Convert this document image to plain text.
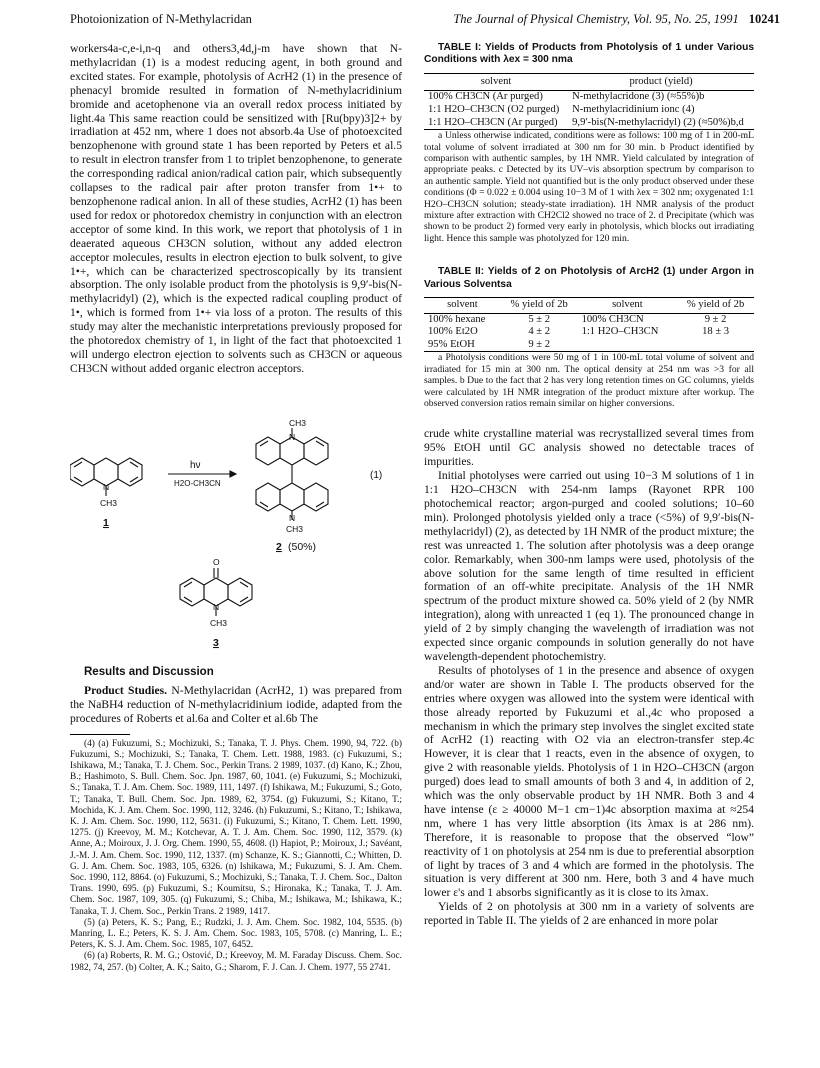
Photoionization of N-Methylacridan	The Journal of Physical Chemistry, Vol. 95, No. 25, 1991 10241

workers4a-c,e-i,n-q and others3,4d,j-m have shown that N-methylacridan (1) is a modest reducing agent, in both ground and excited states. For example, photolysis of AcrH2 (1) in the presence of phenacyl bromide resulted in formation of N-methylacridinium bromide and acetophenone via an overall redox process initiated by light.4a This same reaction could be sensitized with [Ru(bpy)3]2+ by irradiation at 452 nm, where 1 does not absorb.4a Use of photoexcited benzophenone with ground state 1 has been reported by Peters et al.5 to result in electron transfer from 1 to triplet benzophenone, to generate the corresponding radical anion/radical cation pair, which subsequently collapses to the radical pair after proton transfer from 1•+ to benzophenone radical anion. In all of these studies, AcrH2 (1) has been used for redox or photoredox chemistry in conjunction with an electron acceptor of some kind. In this work, we report that photolysis of 1 in deaerated aqueous CH3CN solution, without any added electron acceptor molecules, results in electron ejection to bulk solvent, to give 1•+, which can be characterized spectroscopically by its transient absorption. The only isolable product from the photolysis is 9,9′-bis(N-methylacridyl) (2), which is the expected radical coupling product of 1•, which is formed from 1•+ via loss of a proton. The results of this study may alter the mechanistic interpretations previously proposed for the photoredox chemistry of 1, in light of the fact that photoexcited 1 will undergo electron ejection to solvents such as CH3CN or aqueous CH3CN without added organic electron acceptors.

N
CH3
hν
H2O-CH3CN
CH3
N
N
CH3
(1)
O
N
CH3
1
2
3
(50%)

Results and Discussion

Product Studies. N-Methylacridan (AcrH2, 1) was prepared from the NaBH4 reduction of N-methylacridinium iodide, adapted from the procedures of Roberts et al.6a and Colter et al.6b The

(4) (a) Fukuzumi, S.; Mochizuki, S.; Tanaka, T. J. Phys. Chem. 1990, 94, 722. (b) Fukuzumi, S.; Mochizuki, S.; Tanaka, T. Chem. Lett. 1988, 1983. (c) Fukuzumi, S.; Ishikawa, M.; Tanaka, T. J. Chem. Soc., Perkin Trans. 2 1989, 1037. (d) Kano, K.; Zhou, B.; Hashimoto, S. Bull. Chem. Soc. Jpn. 1987, 60, 1041. (e) Fukuzumi, S.; Mochizuki, S.; Tanaka, T. J. Am. Chem. Soc. 1989, 111, 1497. (f) Ishikawa, M.; Fukuzumi, S.; Goto, T.; Tanaka, T. Bull. Chem. Soc. Jpn. 1989, 62, 3754. (g) Fukuzumi, S.; Kitano, T.; Mochida, K. J. Am. Chem. Soc. 1990, 112, 3246. (h) Fukuzumi, S.; Kitano, T.; Ishikawa, K. J. Am. Chem. Soc. 1990, 112, 5631. (i) Fukuzumi, S.; Kitano, T. Chem. Lett. 1990, 1275. (j) Kreevoy, M. M.; Kotchevar, A. T. J. Am. Chem. Soc. 1990, 112, 3579. (k) Anne, A.; Moiroux, J. J. Org. Chem. 1990, 55, 4608. (l) Hapiot, P.; Moiroux, J.; Savéant, J.-M. J. Am. Chem. Soc. 1990, 112, 1337. (m) Schanze, K. S.; Giannotti, C.; Whitten, D. G. J. Am. Chem. Soc. 1983, 105, 6326. (n) Ishikawa, M.; Fukuzumi, S. J. Am. Chem. Soc. 1990, 112, 8864. (o) Fukuzumi, S.; Mochizuki, S.; Tanaka, T. J. Chem. Soc., Dalton Trans. 1990, 695. (p) Fukuzumi, S.; Koumitsu, S.; Hironaka, K.; Tanaka, T. J. Am. Chem. Soc. 1987, 109, 305. (q) Fukuzumi, S.; Chiba, M.; Ishikawa, M.; Ishikawa, K.; Tanaka, T. J. Chem. Soc., Perkin Trans. 2 1989, 1417.

(5) (a) Peters, K. S.; Pang, E.; Rudzki, J. J. Am. Chem. Soc. 1982, 104, 5535. (b) Manring, L. E.; Peters, K. S. J. Am. Chem. Soc. 1983, 105, 5708. (c) Manring, L. E.; Peters, K. S. J. Am. Chem. Soc. 1985, 107, 6452.

(6) (a) Roberts, R. M. G.; Ostović, D.; Kreevoy, M. M. Faraday Discuss. Chem. Soc. 1982, 74, 257. (b) Colter, A. K.; Saito, G.; Sharom, F. J. Can. J. Chem. 1977, 55 2741.

TABLE I: Yields of Products from Photolysis of 1 under Various Conditions with λex = 300 nma

solvent	product (yield)
100% CH3CN (Ar purged)	N-methylacridone (3) (≈55%)b
1:1 H2O–CH3CN (O2 purged)	N-methylacridinium ionc (4)
1:1 H2O–CH3CN (Ar purged)	9,9′-bis(N-methylacridyl) (2) (≈50%)b,d

a Unless otherwise indicated, conditions were as follows: 100 mg of 1 in 200-mL total volume of solvent irradiated at 300 nm for 30 min. b Product identified by comparison with authentic samples, by 1H NMR. Yield calculated by integration of appropriate peaks. c Detected by its UV–vis absorption spectrum by comparison to an authentic sample. Yield not quantified but is the only product observed under these conditions (Φ = 0.022 ± 0.004 using 10−3 M of 1 with λex = 302 nm; oxygenated 1:1 H2O–CH3CN solution; steady-state irradiation). 1H NMR analysis of the product mixture after extraction with CH2Cl2 showed no trace of 2. d Precipitate (which was shown to be product 2) formed very early in photolysis, which blocks out irradiating light. Hence this sample was photolyzed for 120 min.

TABLE II: Yields of 2 on Photolysis of ArcH2 (1) under Argon in Various Solventsa

solvent	% yield of 2b	solvent	% yield of 2b
100% hexane	5 ± 2	100% CH3CN	9 ± 2
100% Et2O	4 ± 2	1:1 H2O–CH3CN	18 ± 3
95% EtOH	9 ± 2		

a Photolysis conditions were 50 mg of 1 in 100-mL total volume of solvent and irradiated for 15 min at 300 nm. The optical density at 254 nm was >3 for all samples. b Due to the fact that 2 has very long retention times on GC columns, yields were calculated by 1H NMR integration of the product mixture after workup. The observed conversion ratios remain similar on higher conversions.

crude white crystalline material was recrystallized several times from 95% EtOH until GC analysis showed no detectable traces of impurities.

Initial photolyses were carried out using 10−3 M solutions of 1 in 1:1 H2O–CH3CN with 254-nm lamps (Rayonet RPR 100 photochemical reactor; argon-purged and cooled solutions; 10–60 min). Prolonged photolysis yielded only a trace (<5%) of 9,9′-bis(N-methylacridyl) (2), as detected by 1H NMR of the product mixture; the rest was unreacted 1. The solution after photolysis was a deep orange color. Remarkably, when 300-nm lamps were used, photolysis of the above solution for the same length of time resulted in efficient formation of an off-white precipitate. Analysis of the 1H NMR spectrum of the product mixture showed ca. 50% yield of 2 (by NMR integration), along with unreacted 1 (eq 1). The pronounced change in yield of 2 by simply changing the wavelength of irradiation was not expected since organic compounds in solution generally do not have wavelength-dependent photochemistry.

Results of photolyses of 1 in the presence and absence of oxygen and/or water are shown in Table I. The products observed for the entries where oxygen was allowed into the system were identical with those already reported by Fukuzumi et al.,4c who proposed a mechanism in which the primary step involves the singlet excited state of AcrH2 (1) reacting with O2 via an electron-transfer step.4c However, it is clear that 1 reacts, even in the absence of oxygen, to give 2 with reasonable yields. Photolysis of 1 in H2O–CH3CN (argon purged) does lead to small amounts of both 3 and 4, in addition of 2, which was the only observable product by 1H NMR. Both 3 and 4 have intense (ε ≥ 40000 M−1 cm−1)4c absorption maxima at ≈254 nm, where 1 has very little absorption (its λmax is at 286 nm). Therefore, it is reasonable to propose that the observed “low” reactivity of 1 on photolysis at 254 nm is due to preferential absorption of light by traces of 3 and 4 which are formed in the photolysis. The situation is very different at 300 nm. Here, both 3 and 4 have much lower ε's and 1 absorbs significantly as it is close to its λmax.

Yields of 2 on photolysis at 300 nm in a variety of solvents are reported in Table II. The yields of 2 are enhanced in more polar
